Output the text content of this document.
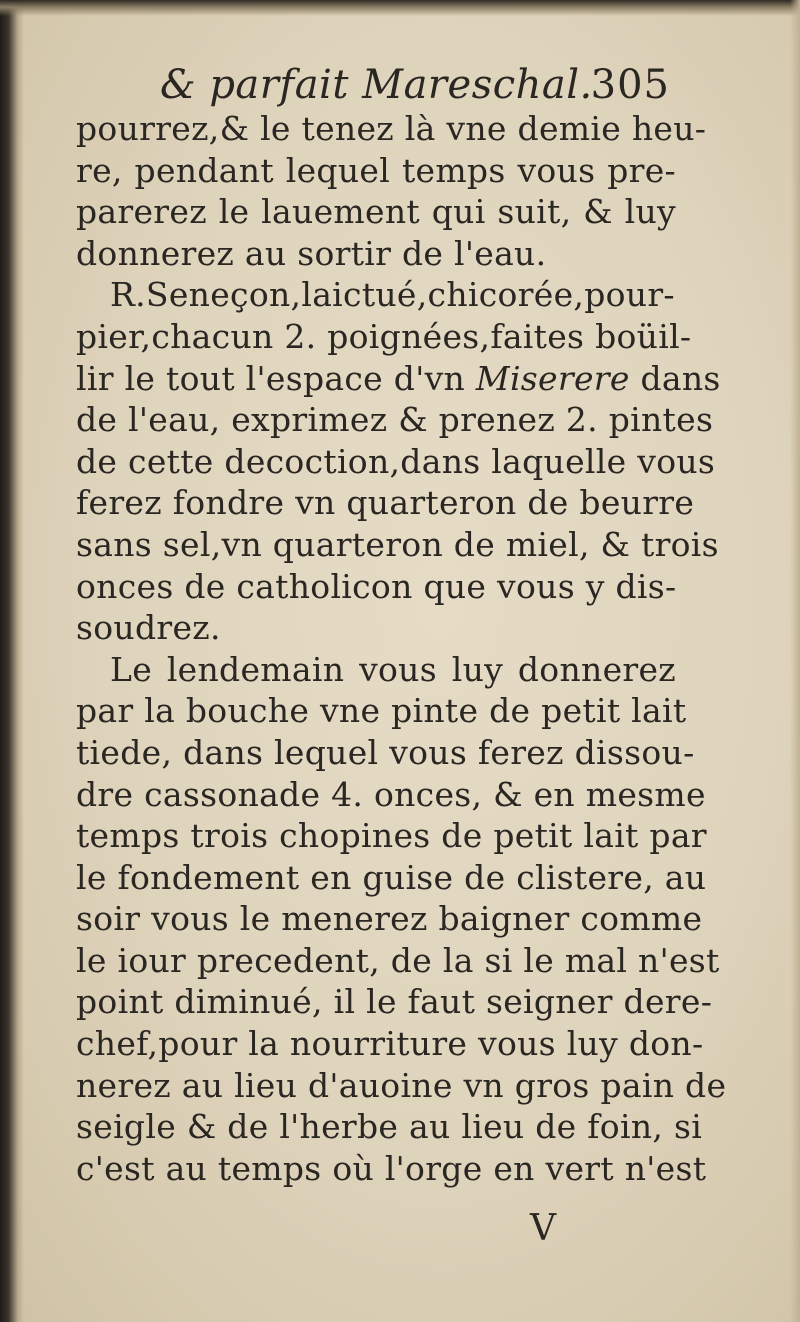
& parfait Mareschal.
305
pourrez,& le tenez là vne demie heu-
re, pendant lequel temps vous pre-
parerez le lauement qui suit, & luy
donnerez au sortir de l'eau.
R.Seneçon,laictué,chicorée,pour-
pier,chacun 2. poignées,faites boüil-
lir le tout l'espace d'vn Miserere dans
de l'eau, exprimez & prenez 2. pintes
de cette decoction,dans laquelle vous
ferez fondre vn quarteron de beurre
sans sel,vn quarteron de miel, & trois
onces de catholicon que vous y dis-
soudrez.
Le lendemain vous luy donnerez
par la bouche vne pinte de petit lait
tiede, dans lequel vous ferez dissou-
dre cassonade 4. onces, & en mesme
temps trois chopines de petit lait par
le fondement en guise de clistere, au
soir vous le menerez baigner comme
le iour precedent, de la si le mal n'est
point diminué, il le faut seigner dere-
chef,pour la nourriture vous luy don-
nerez au lieu d'auoine vn gros pain de
seigle & de l'herbe au lieu de foin, si
c'est au temps où l'orge en vert n'est
V
